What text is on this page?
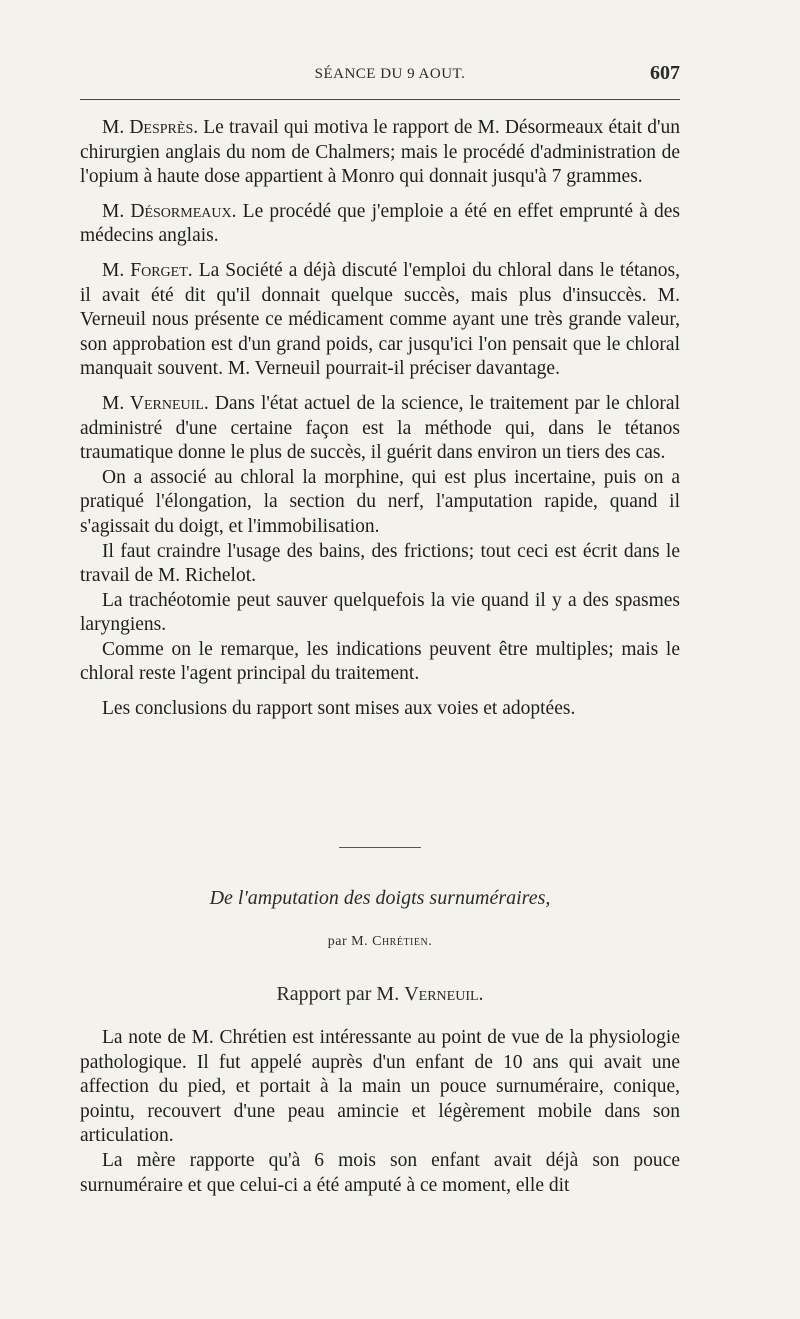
SÉANCE DU 9 AOUT.	607

M. Desprès. Le travail qui motiva le rapport de M. Désormeaux était d'un chirurgien anglais du nom de Chalmers; mais le procédé d'administration de l'opium à haute dose appartient à Monro qui donnait jusqu'à 7 grammes.

M. Désormeaux. Le procédé que j'emploie a été en effet emprunté à des médecins anglais.

M. Forget. La Société a déjà discuté l'emploi du chloral dans le tétanos, il avait été dit qu'il donnait quelque succès, mais plus d'insuccès. M. Verneuil nous présente ce médicament comme ayant une très grande valeur, son approbation est d'un grand poids, car jusqu'ici l'on pensait que le chloral manquait souvent. M. Verneuil pourrait-il préciser davantage.

M. Verneuil. Dans l'état actuel de la science, le traitement par le chloral administré d'une certaine façon est la méthode qui, dans le tétanos traumatique donne le plus de succès, il guérit dans environ un tiers des cas.

On a associé au chloral la morphine, qui est plus incertaine, puis on a pratiqué l'élongation, la section du nerf, l'amputation rapide, quand il s'agissait du doigt, et l'immobilisation.

Il faut craindre l'usage des bains, des frictions; tout ceci est écrit dans le travail de M. Richelot.

La trachéotomie peut sauver quelquefois la vie quand il y a des spasmes laryngiens.

Comme on le remarque, les indications peuvent être multiples; mais le chloral reste l'agent principal du traitement.

Les conclusions du rapport sont mises aux voies et adoptées.

De l'amputation des doigts surnuméraires,
par M. Chrétien.
Rapport par M. Verneuil.

La note de M. Chrétien est intéressante au point de vue de la physiologie pathologique. Il fut appelé auprès d'un enfant de 10 ans qui avait une affection du pied, et portait à la main un pouce surnuméraire, conique, pointu, recouvert d'une peau amincie et légèrement mobile dans son articulation.

La mère rapporte qu'à 6 mois son enfant avait déjà son pouce surnuméraire et que celui-ci a été amputé à ce moment, elle dit
